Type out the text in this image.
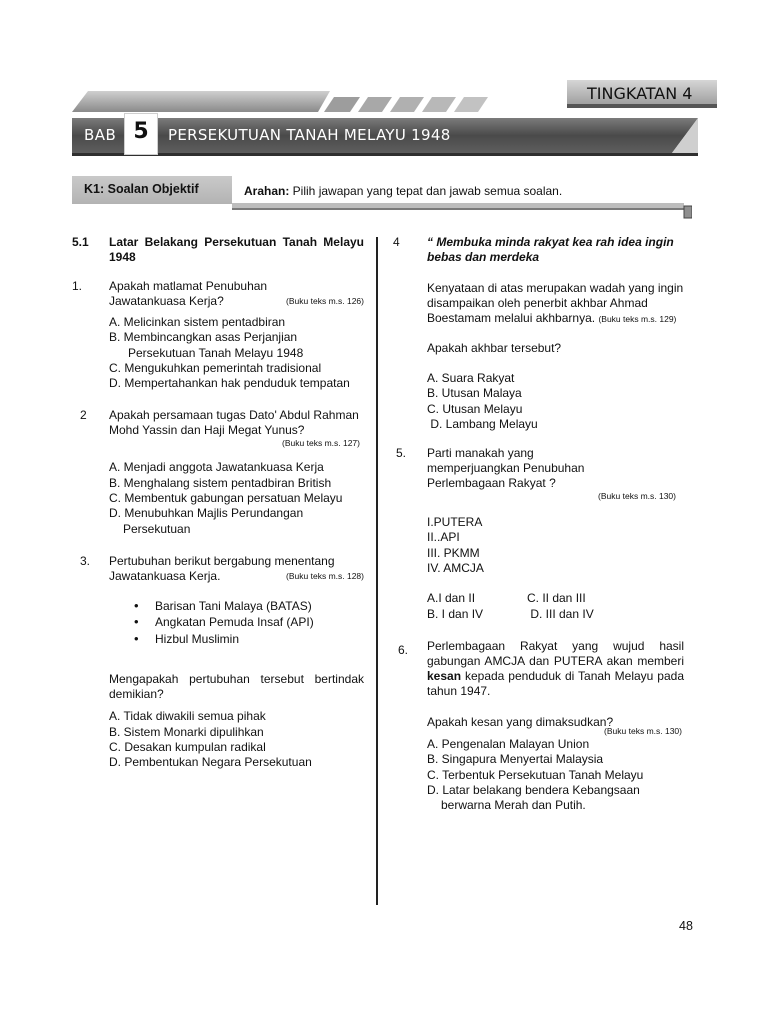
TINGKATAN 4
BAB 5	PERSEKUTUAN TANAH MELAYU 1948
K1: Soalan Objektif	Arahan: Pilih jawapan yang tepat dan jawab semua soalan.
5.1 Latar Belakang Persekutuan Tanah Melayu 1948
1. Apakah matlamat Penubuhan Jawatankuasa Kerja?	(Buku teks m.s. 126)
A. Melicinkan sistem pentadbiran
B. Membincangkan asas Perjanjian
Persekutuan Tanah Melayu 1948
C. Mengukuhkan pemerintah tradisional
D. Mempertahankan hak penduduk tempatan
2 Apakah persamaan tugas Dato' Abdul Rahman Mohd Yassin dan Haji Megat Yunus?
(Buku teks m.s. 127)
A. Menjadi anggota Jawatankuasa Kerja
B. Menghalang sistem pentadbiran British
C. Membentuk gabungan persatuan Melayu
D. Menubuhkan Majlis Perundangan
Persekutuan
3. Pertubuhan berikut bergabung menentang
Jawatankuasa Kerja.	(Buku teks m.s. 128)
• Barisan Tani Malaya (BATAS)
• Angkatan Pemuda Insaf (API)
• Hizbul Muslimin
Mengapakah pertubuhan tersebut bertindak demikian?
A. Tidak diwakili semua pihak
B. Sistem Monarki dipulihkan
C. Desakan kumpulan radikal
D. Pembentukan Negara Persekutuan
4 “ Membuka minda rakyat kea rah idea ingin bebas dan merdeka
Kenyataan di atas merupakan wadah yang ingin disampaikan oleh penerbit akhbar Ahmad Boestamam melalui akhbarnya. (Buku teks m.s. 129)
Apakah akhbar tersebut?
A. Suara Rakyat
B. Utusan Malaya
C. Utusan Melayu
D. Lambang Melayu
5. Parti manakah yang memperjuangkan Penubuhan Perlembagaan Rakyat ?
(Buku teks m.s. 130)
I.PUTERA
II..API
III. PKMM
IV. AMCJA
A.I dan II	C. II dan III
B. I dan IV	D. III dan IV
6. Perlembagaan Rakyat yang wujud hasil gabungan AMCJA dan PUTERA akan memberi kesan kepada penduduk di Tanah Melayu pada tahun 1947.
Apakah kesan yang dimaksudkan?
(Buku teks m.s. 130)
A. Pengenalan Malayan Union
B. Singapura Menyertai Malaysia
C. Terbentuk Persekutuan Tanah Melayu
D. Latar belakang bendera Kebangsaan
berwarna Merah dan Putih.
48
